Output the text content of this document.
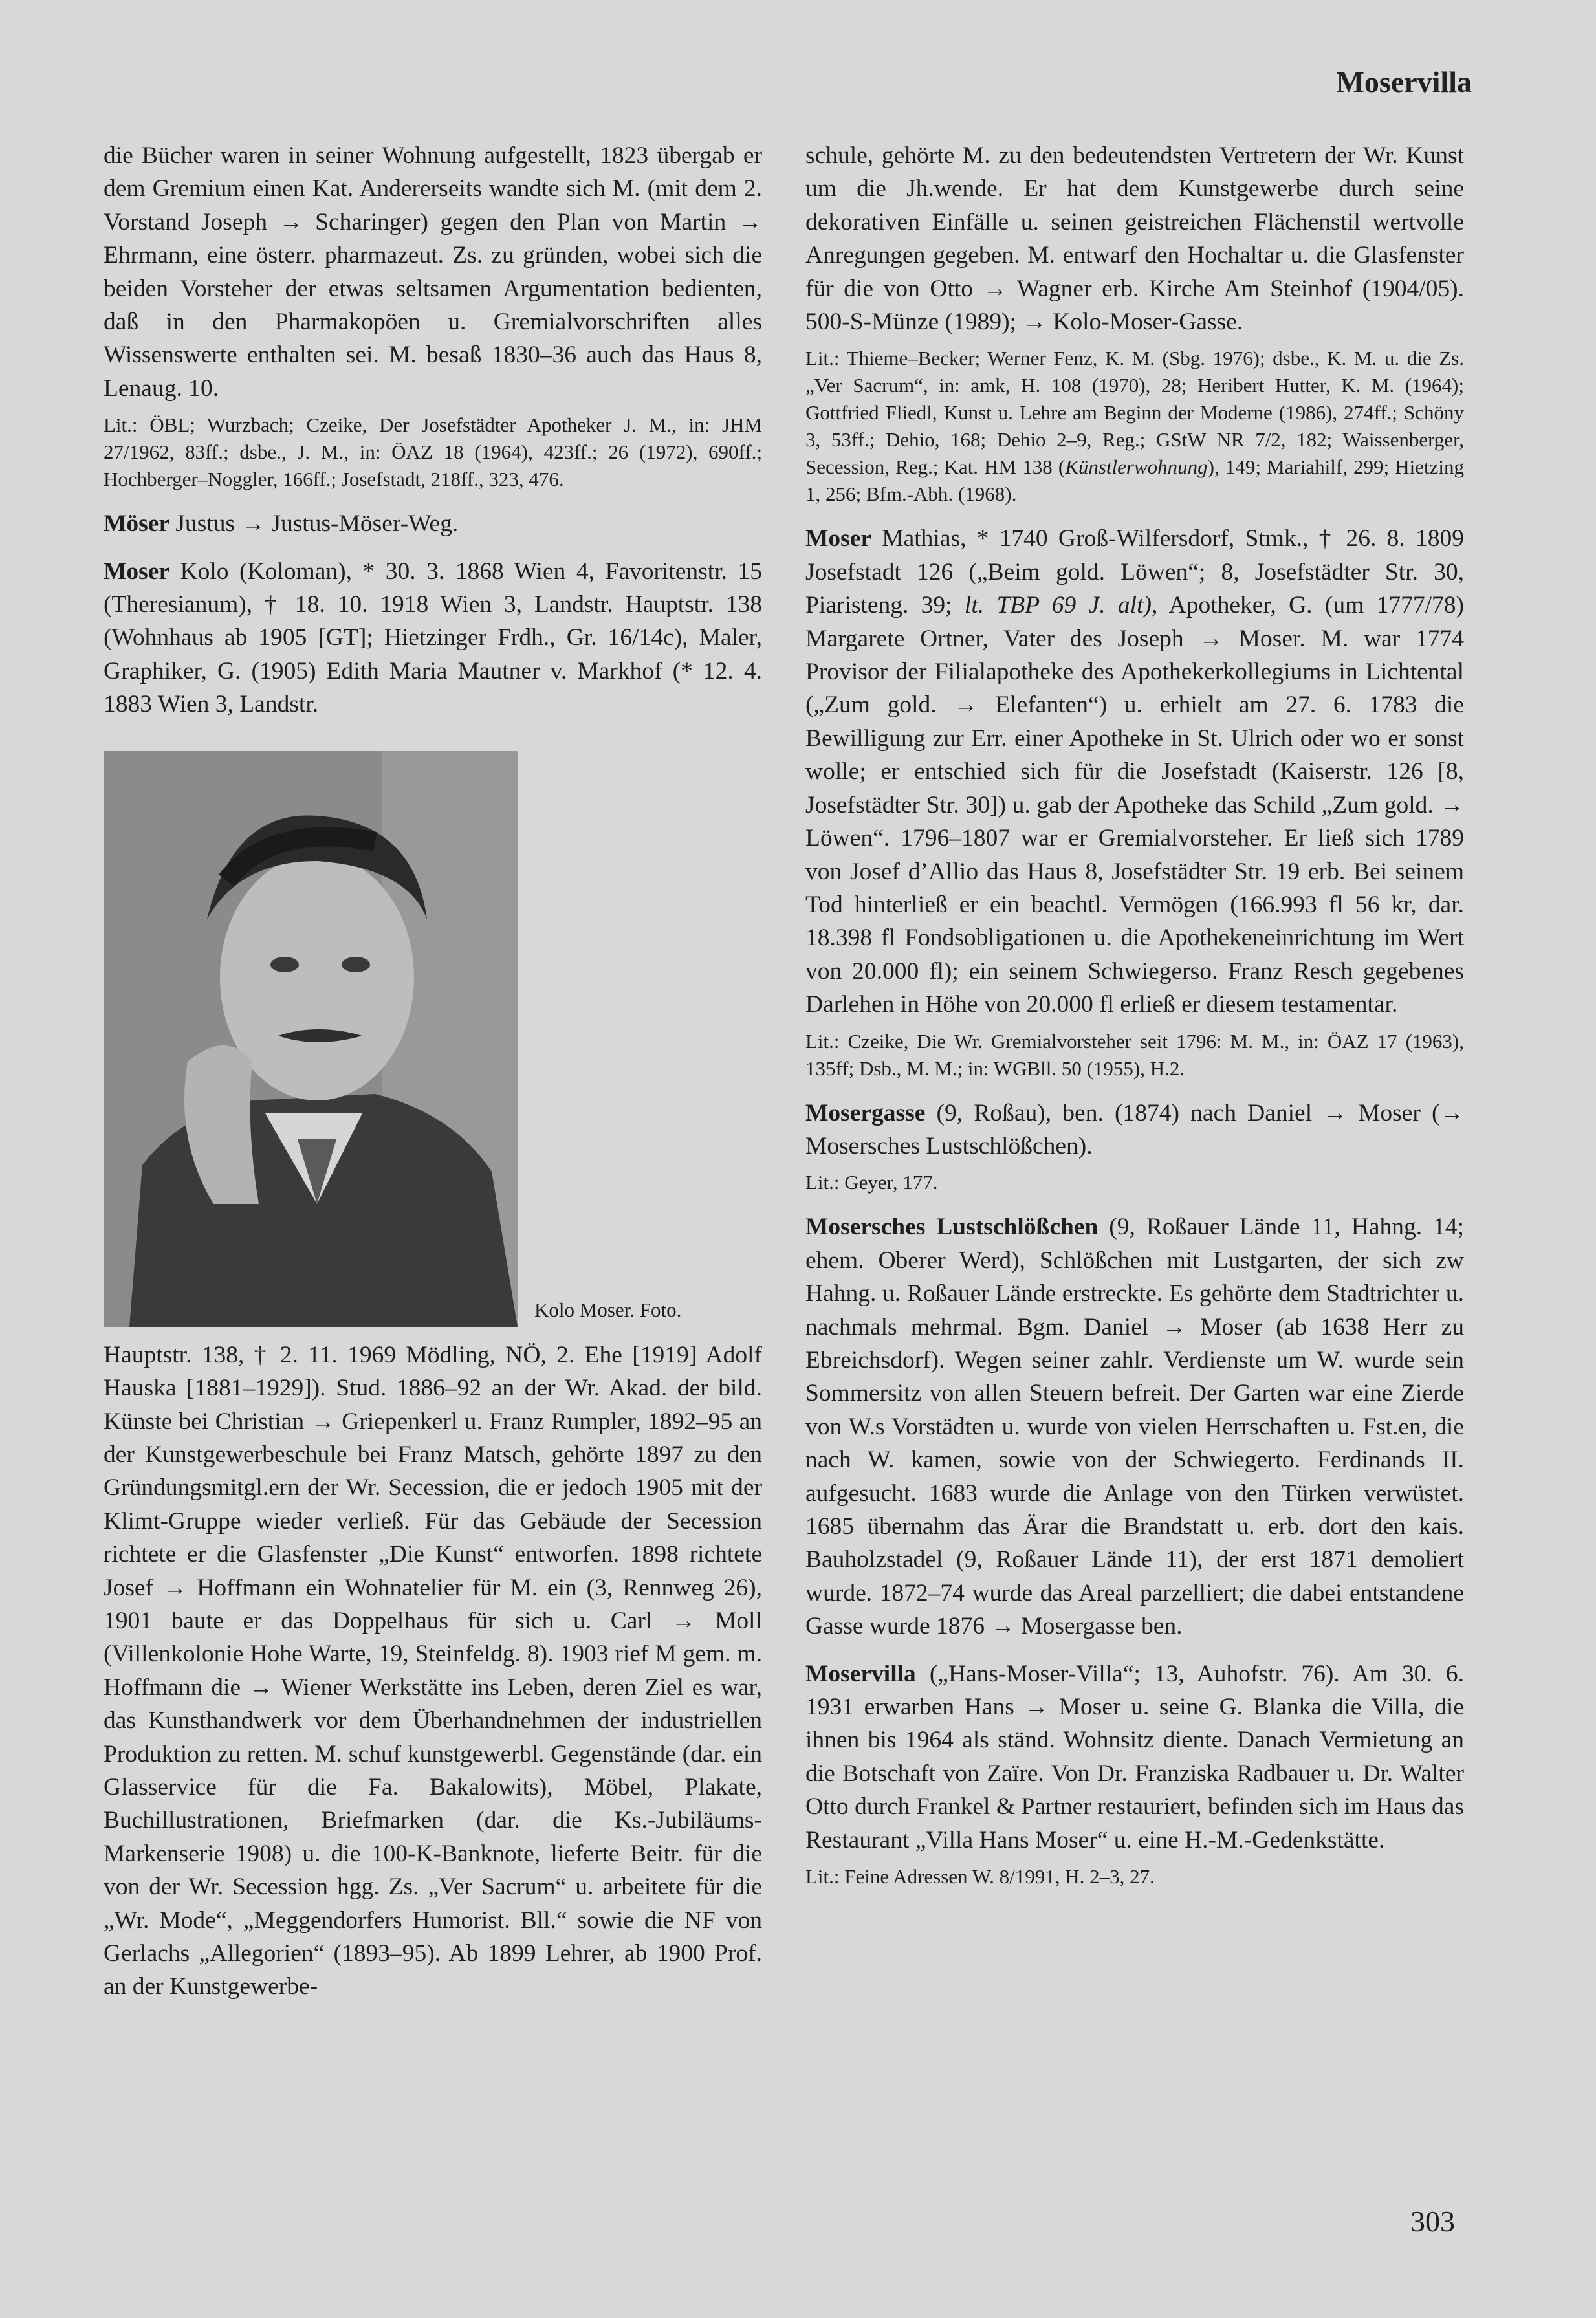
Moservilla

die Bücher waren in seiner Wohnung aufgestellt, 1823 übergab er dem Gremium einen Kat. Andererseits wandte sich M. (mit dem 2. Vorstand Joseph → Scharinger) gegen den Plan von Martin → Ehrmann, eine österr. pharmazeut. Zs. zu gründen, wobei sich die beiden Vorsteher der etwas seltsamen Argumentation bedienten, daß in den Pharmakopöen u. Gremialvorschriften alles Wissenswerte enthalten sei. M. besaß 1830–36 auch das Haus 8, Lenaug. 10.

Lit.: ÖBL; Wurzbach; Czeike, Der Josefstädter Apotheker J. M., in: JHM 27/1962, 83ff.; dsbe., J. M., in: ÖAZ 18 (1964), 423ff.; 26 (1972), 690ff.; Hochberger–Noggler, 166ff.; Josefstadt, 218ff., 323, 476.

Möser Justus → Justus-Möser-Weg.

Moser Kolo (Koloman), * 30. 3. 1868 Wien 4, Favoritenstr. 15 (Theresianum), † 18. 10. 1918 Wien 3, Landstr. Hauptstr. 138 (Wohnhaus ab 1905 [GT]; Hietzinger Frdh., Gr. 16/14c), Maler, Graphiker, G. (1905) Edith Maria Mautner v. Markhof (* 12. 4. 1883 Wien 3, Landstr.

Kolo Moser. Foto.

Hauptstr. 138, † 2. 11. 1969 Mödling, NÖ, 2. Ehe [1919] Adolf Hauska [1881–1929]). Stud. 1886–92 an der Wr. Akad. der bild. Künste bei Christian → Griepenkerl u. Franz Rumpler, 1892–95 an der Kunstgewerbeschule bei Franz Matsch, gehörte 1897 zu den Gründungsmitgl.ern der Wr. Secession, die er jedoch 1905 mit der Klimt-Gruppe wieder verließ. Für das Gebäude der Secession richtete er die Glasfenster „Die Kunst“ entworfen. 1898 richtete Josef → Hoffmann ein Wohnatelier für M. ein (3, Rennweg 26), 1901 baute er das Doppelhaus für sich u. Carl → Moll (Villenkolonie Hohe Warte, 19, Steinfeldg. 8). 1903 rief M gem. m. Hoffmann die → Wiener Werkstätte ins Leben, deren Ziel es war, das Kunsthandwerk vor dem Überhandnehmen der industriellen Produktion zu retten. M. schuf kunstgewerbl. Gegenstände (dar. ein Glasservice für die Fa. Bakalowits), Möbel, Plakate, Buchillustrationen, Briefmarken (dar. die Ks.-Jubiläums-Markenserie 1908) u. die 100-K-Banknote, lieferte Beitr. für die von der Wr. Secession hgg. Zs. „Ver Sacrum“ u. arbeitete für die „Wr. Mode“, „Meggendorfers Humorist. Bll.“ sowie die NF von Gerlachs „Allegorien“ (1893–95). Ab 1899 Lehrer, ab 1900 Prof. an der Kunstgewerbe-

schule, gehörte M. zu den bedeutendsten Vertretern der Wr. Kunst um die Jh.wende. Er hat dem Kunstgewerbe durch seine dekorativen Einfälle u. seinen geistreichen Flächenstil wertvolle Anregungen gegeben. M. entwarf den Hochaltar u. die Glasfenster für die von Otto → Wagner erb. Kirche Am Steinhof (1904/05). 500-S-Münze (1989); → Kolo-Moser-Gasse.

Lit.: Thieme–Becker; Werner Fenz, K. M. (Sbg. 1976); dsbe., K. M. u. die Zs. „Ver Sacrum“, in: amk, H. 108 (1970), 28; Heribert Hutter, K. M. (1964); Gottfried Fliedl, Kunst u. Lehre am Beginn der Moderne (1986), 274ff.; Schöny 3, 53ff.; Dehio, 168; Dehio 2–9, Reg.; GStW NR 7/2, 182; Waissenberger, Secession, Reg.; Kat. HM 138 (Künstlerwohnung), 149; Mariahilf, 299; Hietzing 1, 256; Bfm.-Abh. (1968).

Moser Mathias, * 1740 Groß-Wilfersdorf, Stmk., † 26. 8. 1809 Josefstadt 126 („Beim gold. Löwen“; 8, Josefstädter Str. 30, Piaristeng. 39; lt. TBP 69 J. alt), Apotheker, G. (um 1777/78) Margarete Ortner, Vater des Joseph → Moser. M. war 1774 Provisor der Filialapotheke des Apothekerkollegiums in Lichtental („Zum gold. → Elefanten“) u. erhielt am 27. 6. 1783 die Bewilligung zur Err. einer Apotheke in St. Ulrich oder wo er sonst wolle; er entschied sich für die Josefstadt (Kaiserstr. 126 [8, Josefstädter Str. 30]) u. gab der Apotheke das Schild „Zum gold. → Löwen“. 1796–1807 war er Gremialvorsteher. Er ließ sich 1789 von Josef d’Allio das Haus 8, Josefstädter Str. 19 erb. Bei seinem Tod hinterließ er ein beachtl. Vermögen (166.993 fl 56 kr, dar. 18.398 fl Fondsobligationen u. die Apothekeneinrichtung im Wert von 20.000 fl); ein seinem Schwiegerso. Franz Resch gegebenes Darlehen in Höhe von 20.000 fl erließ er diesem testamentar.

Lit.: Czeike, Die Wr. Gremialvorsteher seit 1796: M. M., in: ÖAZ 17 (1963), 135ff; Dsb., M. M.; in: WGBll. 50 (1955), H.2.

Mosergasse (9, Roßau), ben. (1874) nach Daniel → Moser (→ Mosersches Lustschlößchen).

Lit.: Geyer, 177.

Mosersches Lustschlößchen (9, Roßauer Lände 11, Hahng. 14; ehem. Oberer Werd), Schlößchen mit Lustgarten, der sich zw Hahng. u. Roßauer Lände erstreckte. Es gehörte dem Stadtrichter u. nachmals mehrmal. Bgm. Daniel → Moser (ab 1638 Herr zu Ebreichsdorf). Wegen seiner zahlr. Verdienste um W. wurde sein Sommersitz von allen Steuern befreit. Der Garten war eine Zierde von W.s Vorstädten u. wurde von vielen Herrschaften u. Fst.en, die nach W. kamen, sowie von der Schwiegerto. Ferdinands II. aufgesucht. 1683 wurde die Anlage von den Türken verwüstet. 1685 übernahm das Ärar die Brandstatt u. erb. dort den kais. Bauholzstadel (9, Roßauer Lände 11), der erst 1871 demoliert wurde. 1872–74 wurde das Areal parzelliert; die dabei entstandene Gasse wurde 1876 → Mosergasse ben.

Moservilla („Hans-Moser-Villa“; 13, Auhofstr. 76). Am 30. 6. 1931 erwarben Hans → Moser u. seine G. Blanka die Villa, die ihnen bis 1964 als ständ. Wohnsitz diente. Danach Vermietung an die Botschaft von Zaïre. Von Dr. Franziska Radbauer u. Dr. Walter Otto durch Frankel & Partner restauriert, befinden sich im Haus das Restaurant „Villa Hans Moser“ u. eine H.-M.-Gedenkstätte.

Lit.: Feine Adressen W. 8/1991, H. 2–3, 27.

303
